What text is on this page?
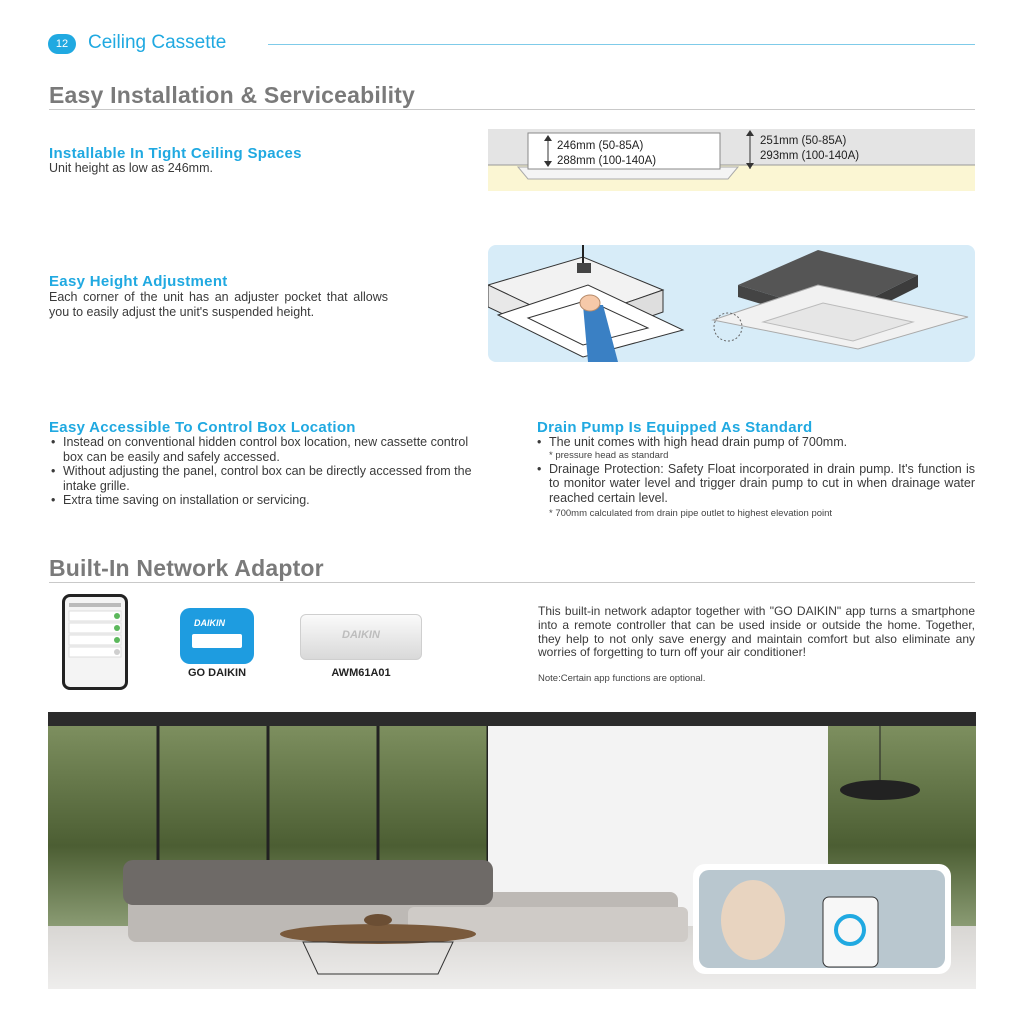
12	Ceiling Cassette
Easy Installation & Serviceability
Installable In Tight Ceiling Spaces
Unit height as low as 246mm.
246mm (50-85A)
288mm (100-140A)
251mm (50-85A)
293mm (100-140A)
Easy Height Adjustment
Each corner of the unit has an adjuster pocket that allows you to easily adjust the unit's suspended height.
Easy Accessible To Control Box Location
• Instead on conventional hidden control box location, new cassette control box can be easily and safely accessed.
• Without adjusting the panel, control box can be directly accessed from the intake grille.
• Extra time saving on installation or servicing.
Drain Pump Is Equipped As Standard
• The unit comes with high head drain pump of 700mm.
* pressure head as standard
• Drainage Protection: Safety Float incorporated in drain pump. It's function is to monitor water level and trigger drain pump to cut in when drainage water reached certain level.
* 700mm calculated from drain pipe outlet to highest elevation point
Built-In Network Adaptor
DAIKIN
GO DAIKIN
DAIKIN
AWM61A01
This built-in network adaptor together with "GO DAIKIN" app turns a smartphone into a remote controller that can be used inside or outside the home. Together, they help to not only save energy and maintain comfort but also eliminate any worries of forgetting to turn off your air conditioner!
Note:Certain app functions are optional.
